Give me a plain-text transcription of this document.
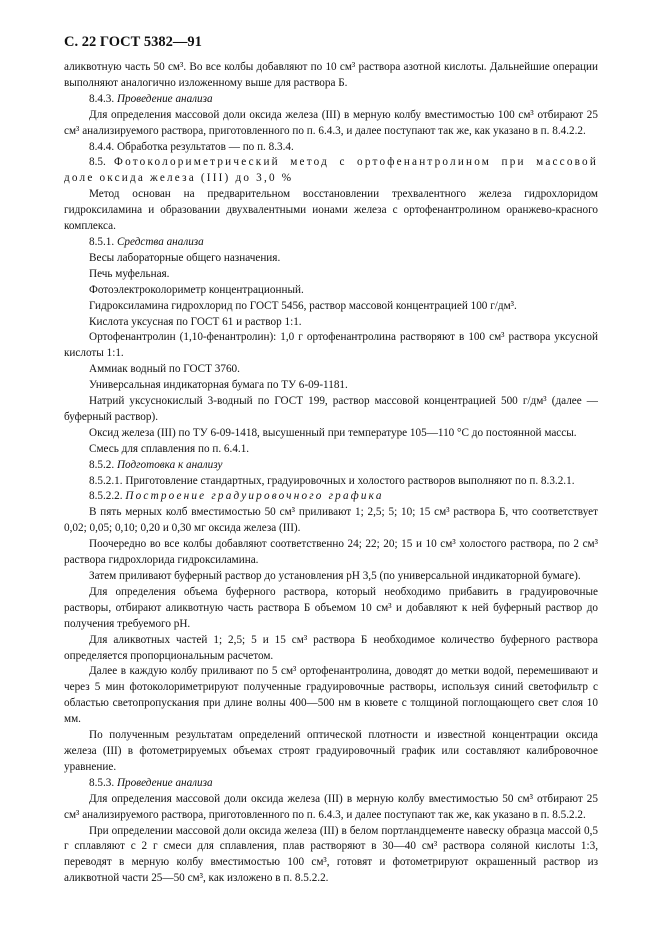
С. 22 ГОСТ 5382—91

аликвотную часть 50 см³. Во все колбы добавляют по 10 см³ раствора азотной кислоты. Дальнейшие операции выполняют аналогично изложенному выше для раствора Б.

8.4.3. Проведение анализа

Для определения массовой доли оксида железа (III) в мерную колбу вместимостью 100 см³ отбирают 25 см³ анализируемого раствора, приготовленного по п. 6.4.3, и далее поступают так же, как указано в п. 8.4.2.2.

8.4.4. Обработка результатов — по п. 8.3.4.

8.5. Фотоколориметрический метод с ортофенантролином при массовой доле оксида железа (III) до 3,0 %

Метод основан на предварительном восстановлении трехвалентного железа гидрохлоридом гидроксиламина и образовании двухвалентными ионами железа с ортофенантролином оранжево-красного комплекса.

8.5.1. Средства анализа

Весы лабораторные общего назначения.

Печь муфельная.

Фотоэлектроколориметр концентрационный.

Гидроксиламина гидрохлорид по ГОСТ 5456, раствор массовой концентрацией 100 г/дм³.

Кислота уксусная по ГОСТ 61 и раствор 1:1.

Ортофенантролин (1,10-фенантролин): 1,0 г ортофенантролина растворяют в 100 см³ раствора уксусной кислоты 1:1.

Аммиак водный по ГОСТ 3760.

Универсальная индикаторная бумага по ТУ 6-09-1181.

Натрий уксуснокислый 3-водный по ГОСТ 199, раствор массовой концентрацией 500 г/дм³ (далее — буферный раствор).

Оксид железа (III) по ТУ 6-09-1418, высушенный при температуре 105—110 °С до постоянной массы.

Смесь для сплавления по п. 6.4.1.

8.5.2. Подготовка к анализу

8.5.2.1. Приготовление стандартных, градуировочных и холостого растворов выполняют по п. 8.3.2.1.

8.5.2.2. Построение градуировочного графика

В пять мерных колб вместимостью 50 см³ приливают 1; 2,5; 5; 10; 15 см³ раствора Б, что соответствует 0,02; 0,05; 0,10; 0,20 и 0,30 мг оксида железа (III).

Поочередно во все колбы добавляют соответственно 24; 22; 20; 15 и 10 см³ холостого раствора, по 2 см³ раствора гидрохлорида гидроксиламина.

Затем приливают буферный раствор до установления рН 3,5 (по универсальной индикаторной бумаге).

Для определения объема буферного раствора, который необходимо прибавить в градуировочные растворы, отбирают аликвотную часть раствора Б объемом 10 см³ и добавляют к ней буферный раствор до получения требуемого рН.

Для аликвотных частей 1; 2,5; 5 и 15 см³ раствора Б необходимое количество буферного раствора определяется пропорциональным расчетом.

Далее в каждую колбу приливают по 5 см³ ортофенантролина, доводят до метки водой, перемешивают и через 5 мин фотоколориметрируют полученные градуировочные растворы, используя синий светофильтр с областью светопропускания при длине волны 400—500 нм в кювете с толщиной поглощающего свет слоя 10 мм.

По полученным результатам определений оптической плотности и известной концентрации оксида железа (III) в фотометрируемых объемах строят градуировочный график или составляют калибровочное уравнение.

8.5.3. Проведение анализа

Для определения массовой доли оксида железа (III) в мерную колбу вместимостью 50 см³ отбирают 25 см³ анализируемого раствора, приготовленного по п. 6.4.3, и далее поступают так же, как указано в п. 8.5.2.2.

При определении массовой доли оксида железа (III) в белом портландцементе навеску образца массой 0,5 г сплавляют с 2 г смеси для сплавления, плав растворяют в 30—40 см³ раствора соляной кислоты 1:3, переводят в мерную колбу вместимостью 100 см³, готовят и фотометрируют окрашенный раствор из аликвотной части 25—50 см³, как изложено в п. 8.5.2.2.
